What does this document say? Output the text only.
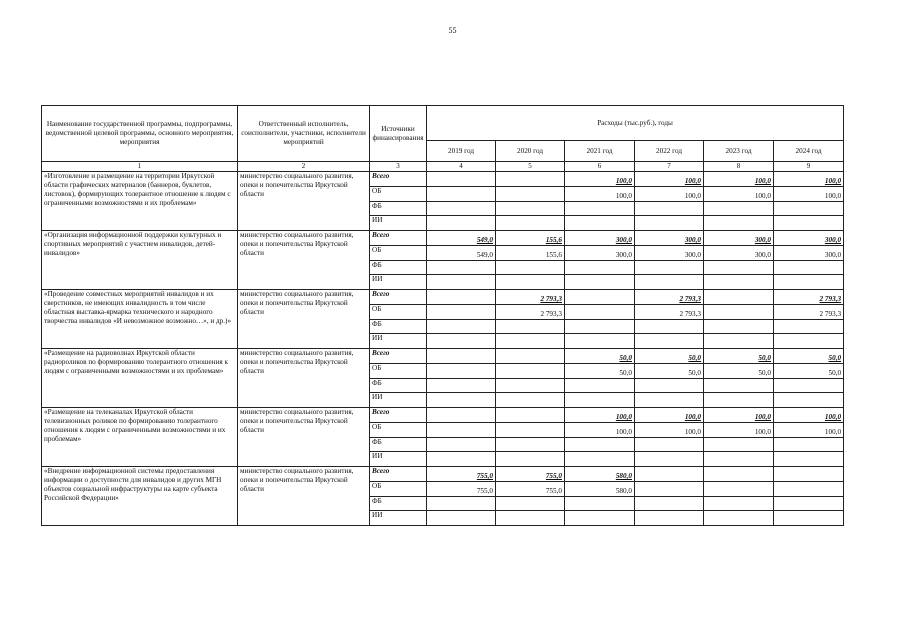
55
Наименование государственной программы, подпрограммы, ведомственной целевой программы, основного мероприятия, мероприятия	Ответственный исполнитель, соисполнители, участники, исполнители мероприятий	Источники финансирования	Расходы (тыс.руб.), годы					
			2019 год	2020 год	2021 год	2022 год	2023 год	2024 год
1	2	3	4	5	6	7	8	9
«Изготовление и размещение на территории Иркутской области графических материалов (баннеров, буклетов, листовок), формирующих толерантное отношение к людям с ограниченными возможностями и их проблемам»	министерство социального развития, опеки и попечительства Иркутской области	Всего			100,0	100,0	100,0	100,0
		ОБ			100,0	100,0	100,0	100,0
		ФБ						
		ИИ						
«Организация информационной поддержки культурных и спортивных мероприятий с участием инвалидов, детей-инвалидов»	министерство социального развития, опеки и попечительства Иркутской области	Всего	549,0	155,6	300,0	300,0	300,0	300,0
		ОБ	549,0	155,6	300,0	300,0	300,0	300,0
		ФБ						
		ИИ						
«Проведение совместных мероприятий инвалидов и их сверстников, не имеющих инвалидность в том числе областная выставка-ярмарка технического и народного творчества инвалидов «И невозможное возможно…», и др.)»	министерство социального развития, опеки и попечительства Иркутской области	Всего		2 793,3		2 793,3		2 793,3
		ОБ		2 793,3		2 793,3		2 793,3
		ФБ						
		ИИ						
«Размещение на радиоволнах Иркутской области радиороликов по формированию толерантного отношения к людям с ограниченными возможностями и их проблемам»	министерство социального развития, опеки и попечительства Иркутской области	Всего			50,0	50,0	50,0	50,0
		ОБ			50,0	50,0	50,0	50,0
		ФБ						
		ИИ						
«Размещение на телеканалах Иркутской области телевизионных роликов по формированию толерантного отношения к людям с ограниченными возможностями и их проблемам»	министерство социального развития, опеки и попечительства Иркутской области	Всего			100,0	100,0	100,0	100,0
		ОБ			100,0	100,0	100,0	100,0
		ФБ						
		ИИ						
«Внедрение информационной системы предоставления информации о доступности для инвалидов и других МГН объектов социальной инфраструктуры на карте субъекта Российской Федерации»	министерство социального развития, опеки и попечительства Иркутской области	Всего	755,0	755,0	580,0			
		ОБ	755,0	755,0	580,0			
		ФБ						
		ИИ						
